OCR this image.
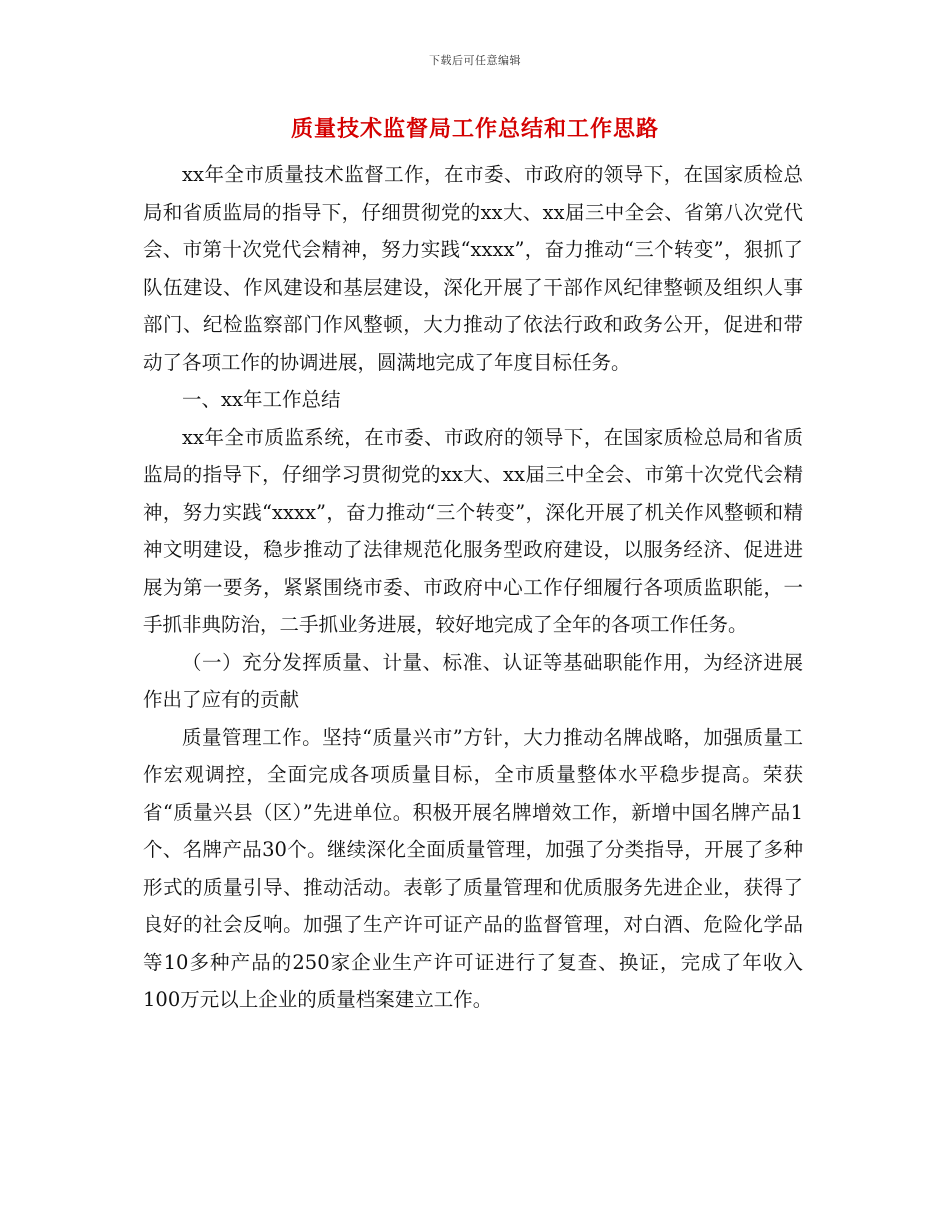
下载后可任意编辑
质量技术监督局工作总结和工作思路

xx年全市质量技术监督工作，在市委、市政府的领导下，在国家质检总局和省质监局的指导下，仔细贯彻党的xx大、xx届三中全会、省第八次党代会、市第十次党代会精神，努力实践“xxxx”，奋力推动“三个转变”，狠抓了队伍建设、作风建设和基层建设，深化开展了干部作风纪律整顿及组织人事部门、纪检监察部门作风整顿，大力推动了依法行政和政务公开，促进和带动了各项工作的协调进展，圆满地完成了年度目标任务。

一、xx年工作总结

xx年全市质监系统，在市委、市政府的领导下，在国家质检总局和省质监局的指导下，仔细学习贯彻党的xx大、xx届三中全会、市第十次党代会精神，努力实践“xxxx”，奋力推动“三个转变”，深化开展了机关作风整顿和精神文明建设，稳步推动了法律规范化服务型政府建设，以服务经济、促进进展为第一要务，紧紧围绕市委、市政府中心工作仔细履行各项质监职能，一手抓非典防治，二手抓业务进展，较好地完成了全年的各项工作任务。

（一）充分发挥质量、计量、标准、认证等基础职能作用，为经济进展作出了应有的贡献

质量管理工作。坚持“质量兴市”方针，大力推动名牌战略，加强质量工作宏观调控，全面完成各项质量目标，全市质量整体水平稳步提高。荣获省“质量兴县（区）”先进单位。积极开展名牌增效工作，新增中国名牌产品1个、名牌产品30个。继续深化全面质量管理，加强了分类指导，开展了多种形式的质量引导、推动活动。表彰了质量管理和优质服务先进企业，获得了良好的社会反响。加强了生产许可证产品的监督管理，对白酒、危险化学品等10多种产品的250家企业生产许可证进行了复查、换证，完成了年收入100万元以上企业的质量档案建立工作。
